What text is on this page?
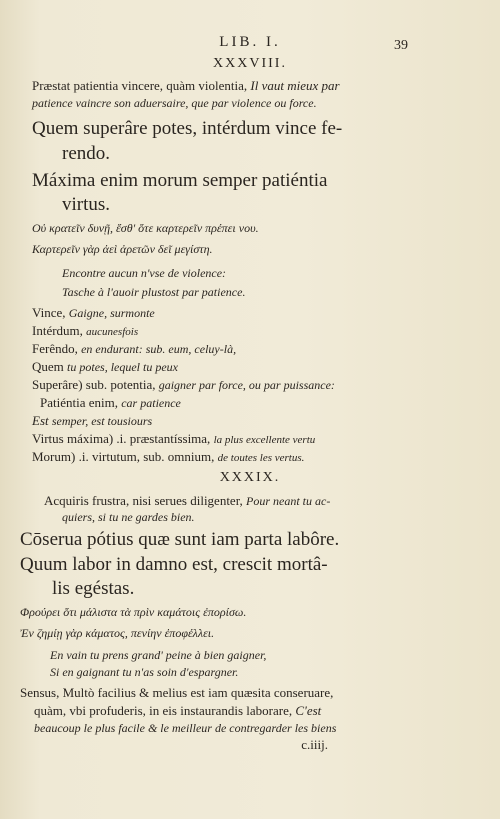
LIB. I.	39
XXXVIII.
Præstat patientia vincere, quàm violentia, Il vaut mieux par
patience vaincre son aduersaire, que par violence ou force.
Quem superâre potes, intérdum vince fe-
rendo.
Máxima enim morum semper patiéntia
virtus.
Οὐ κρατεῖν δυνῇ, ἔσθ' ὅτε καρτερεῖν πρέπει νου.
Καρτερεῖν γὰρ ἀεὶ ἀρετῶν δεῖ μεγίστη.
Encontre aucun n'vse de violence:
Tasche à l'auoir plustost par patience.
Vince, Gaigne, surmonte
Intérdum, aucunesfois
Ferêndo, en endurant: sub. eum, celuy-là,
Quem tu potes, lequel tu peux
Superâre) sub. potentia, gaigner par force, ou par puissance:
Patiéntia enim, car patience
Est semper, est tousiours
Virtus máxima) .i. præstantíssima, la plus excellente vertu
Morum) .i. virtutum, sub. omnium, de toutes les vertus.
XXXIX.
Acquiris frustra, nisi serues diligenter, Pour neant tu ac-
quiers, si tu ne gardes bien.
Cōserua pótius quæ sunt iam parta labôre.
Quum labor in damno est, crescit mortâ-
lis egéstas.
Φρούρει ὅτι μάλιστα τὰ πρὶν καμάτοις ἐπορίσω.
Ἐν ζημίῃ γὰρ κάματος, πενίην ἐποφέλλει.
En vain tu prens grand' peine à bien gaigner,
Si en gaignant tu n'as soin d'espargner.
Sensus, Multò facilius & melius est iam quæsita conseruare,
quàm, vbi profuderis, in eis instaurandis laborare, C'est
beaucoup le plus facile & le meilleur de contregarder les biens
c.iiij.
